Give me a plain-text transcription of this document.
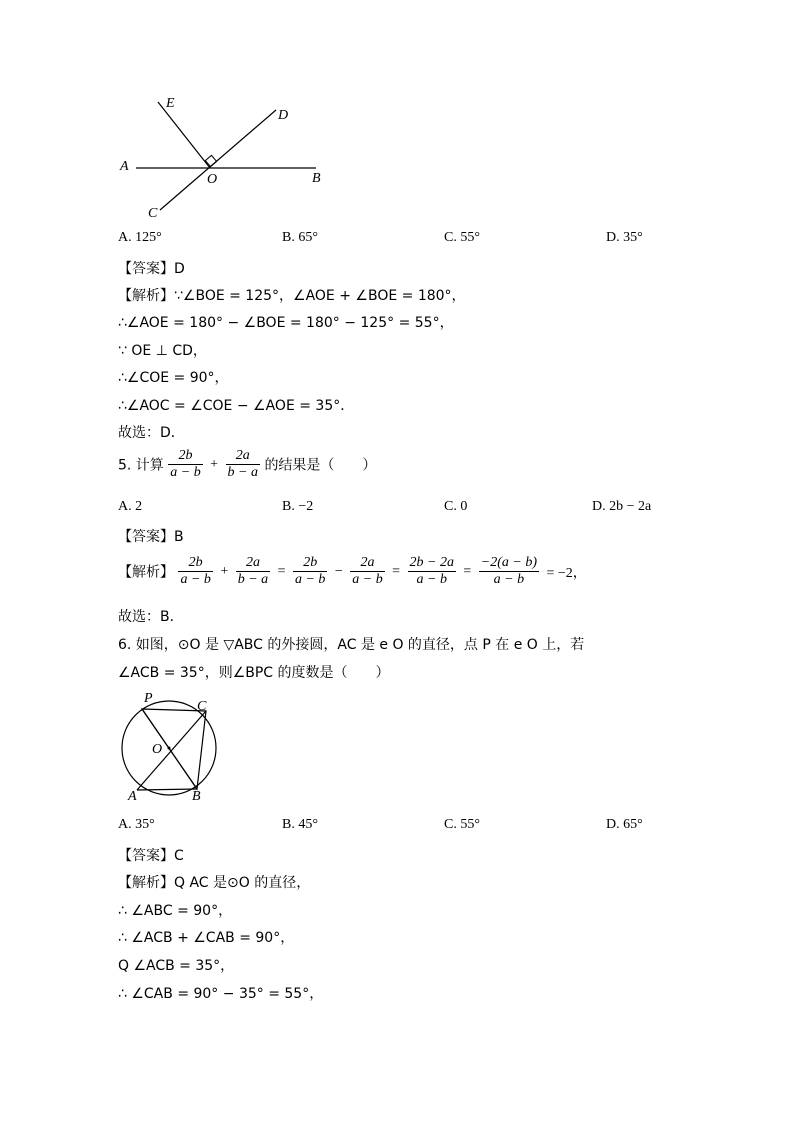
E
D
A
O	B
C
A. 125°	B. 65°	C. 55°	D. 35°
【答案】D
【解析】∵∠BOE = 125°，∠AOE + ∠BOE = 180°，
∴∠AOE = 180° − ∠BOE = 180° − 125° = 55°，
∵ OE ⊥ CD，
∴∠COE = 90°，
∴∠AOC = ∠COE − ∠AOE = 35°．
故选：D．
5. 计算 $\frac{2b}{a - b} + \frac{2a}{b - a}$ 的结果是（　　）
A. 2	B. −2	C. 0	D. 2b − 2a
【答案】B
【解析】 $\frac{2b}{a - b} + \frac{2a}{b - a} = \frac{2b}{a - b} - \frac{2a}{a - b} = \frac{2b - 2a}{a - b} = \frac{-2(a - b)}{a - b} = -2$，
故选：B．
6. 如图，⊙O 是 ▽ABC 的外接圆，AC 是 e O 的直径，点 P 在 e O 上，若
∠ACB = 35°，则∠BPC 的度数是（　　）
P
C
O
A	B
A. 35°	B. 45°	C. 55°	D. 65°
【答案】C
【解析】Q AC 是⊙O 的直径，
∴ ∠ABC = 90°，
∴ ∠ACB + ∠CAB = 90°，
Q ∠ACB = 35°，
∴ ∠CAB = 90° − 35° = 55°，
